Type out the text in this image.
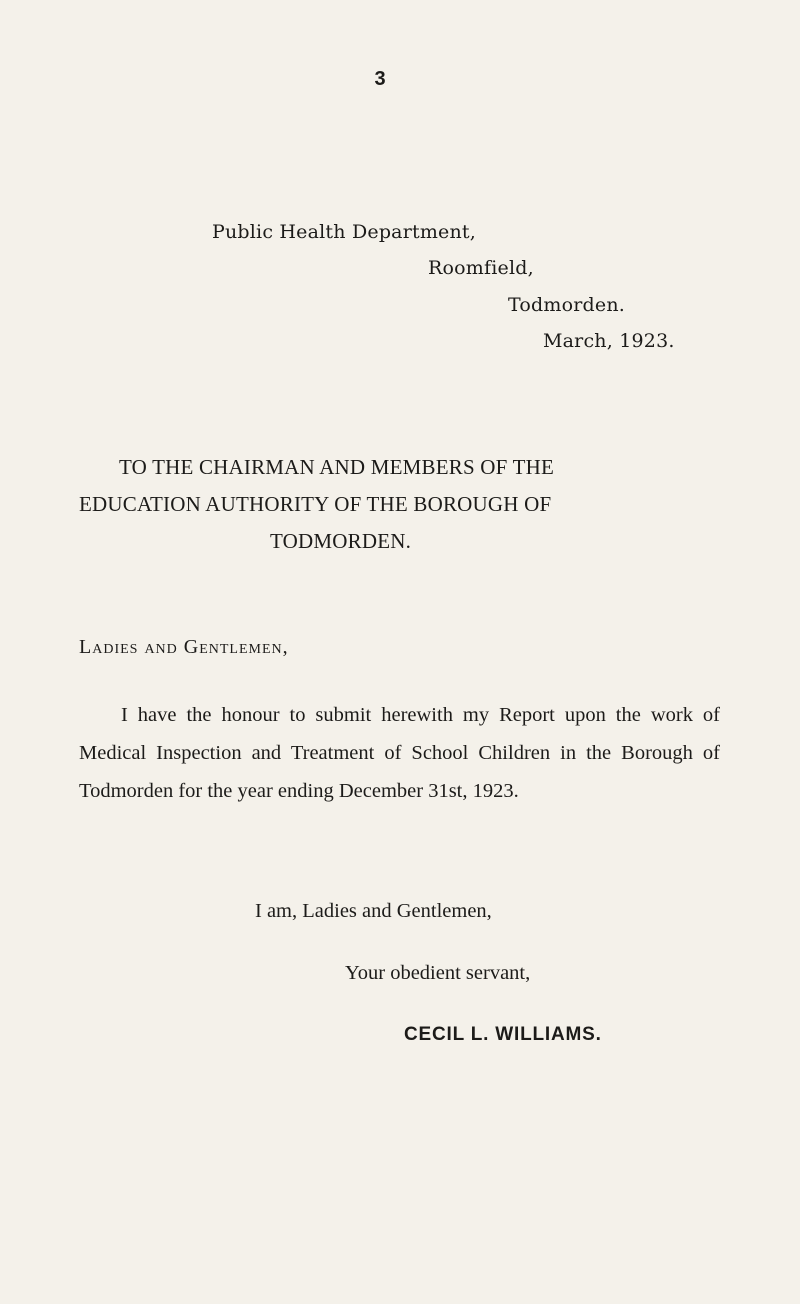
3
Public Health Department,
Roomfield,
Todmorden.
March, 1923.
TO THE CHAIRMAN AND MEMBERS OF THE
EDUCATION AUTHORITY OF THE BOROUGH OF
TODMORDEN.
Ladies and Gentlemen,
I have the honour to submit herewith my Report upon the work of Medical Inspection and Treatment of School Children in the Borough of Todmorden for the year ending December 31st, 1923.
I am, Ladies and Gentlemen,
Your obedient servant,
CECIL L. WILLIAMS.
